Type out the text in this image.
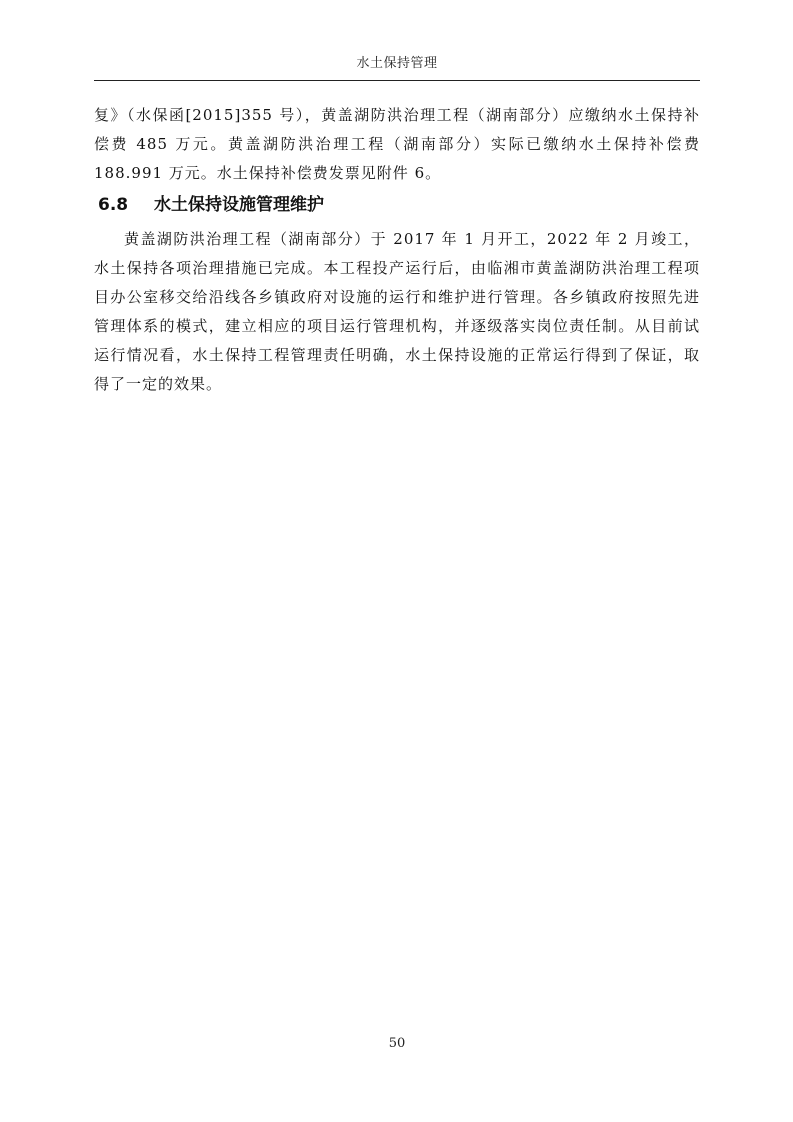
水土保持管理

复》（水保函[2015]355 号），黄盖湖防洪治理工程（湖南部分）应缴纳水土保持补偿费 485 万元。黄盖湖防洪治理工程（湖南部分）实际已缴纳水土保持补偿费 188.991 万元。水土保持补偿费发票见附件 6。

6.8 水土保持设施管理维护

黄盖湖防洪治理工程（湖南部分）于 2017 年 1 月开工，2022 年 2 月竣工，水土保持各项治理措施已完成。本工程投产运行后，由临湘市黄盖湖防洪治理工程项目办公室移交给沿线各乡镇政府对设施的运行和维护进行管理。各乡镇政府按照先进管理体系的模式，建立相应的项目运行管理机构，并逐级落实岗位责任制。从目前试运行情况看，水土保持工程管理责任明确，水土保持设施的正常运行得到了保证，取得了一定的效果。

50
